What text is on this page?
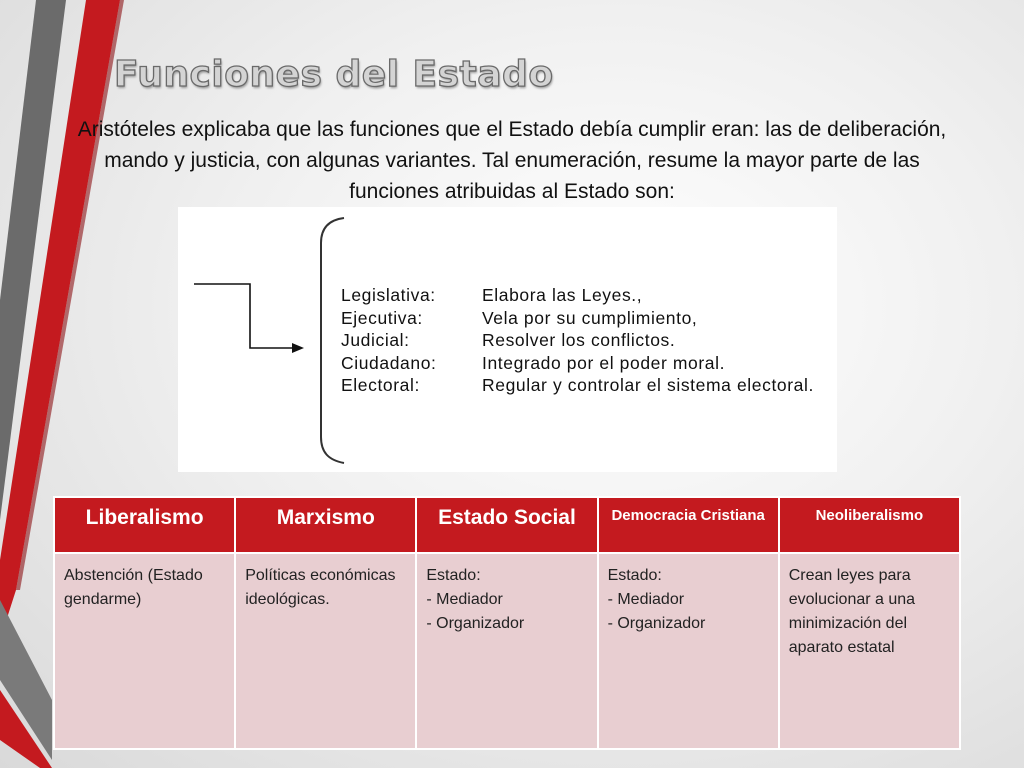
Funciones del Estado

Aristóteles explicaba que las funciones que el Estado debía cumplir eran: las de deliberación, mando y justicia, con algunas variantes. Tal enumeración, resume la mayor parte de las funciones atribuidas al Estado son:

Legislativa:	Elabora las Leyes.,
Ejecutiva:	Vela por su cumplimiento,
Judicial:	Resolver los conflictos.
Ciudadano:	Integrado por el poder moral.
Electoral:	Regular y controlar el sistema electoral.
Liberalismo	Marxismo	Estado Social	Democracia Cristiana	Neoliberalismo
Abstención (Estado gendarme)	Políticas económicas ideológicas.	Estado:
- Mediador
- Organizador	Estado:
- Mediador
- Organizador	Crean leyes para evolucionar a una minimización del aparato estatal
